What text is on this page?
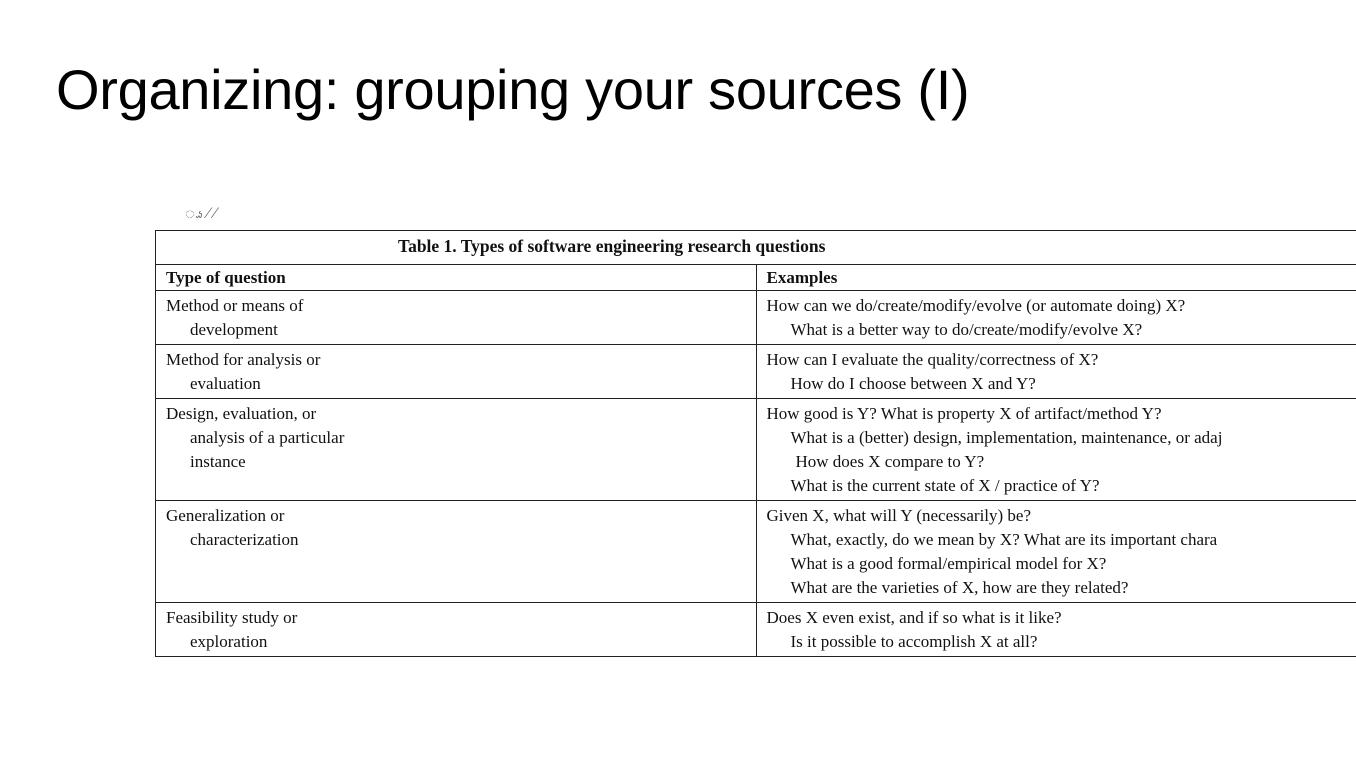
Organizing: grouping your sources (I)
ၗ ∕ ∕
Table 1. Types of software engineering research questions	

Type of question	Examples

Method or means of development	How can we do/create/modify/evolve (or automate doing) X?
What is a better way to do/create/modify/evolve X?

Method for analysis or evaluation	How can I evaluate the quality/correctness of X?
How do I choose between X and Y?

Design, evaluation, or analysis of a particular instance	How good is Y? What is property X of artifact/method Y?
What is a (better) design, implementation, maintenance, or adaj
How does X compare to Y?
What is the current state of X / practice of Y?

Generalization or characterization	Given X, what will Y (necessarily) be?
What, exactly, do we mean by X? What are its important chara
What is a good formal/empirical model for X?
What are the varieties of X, how are they related?

Feasibility study or exploration	Does X even exist, and if so what is it like?
Is it possible to accomplish X at all?
